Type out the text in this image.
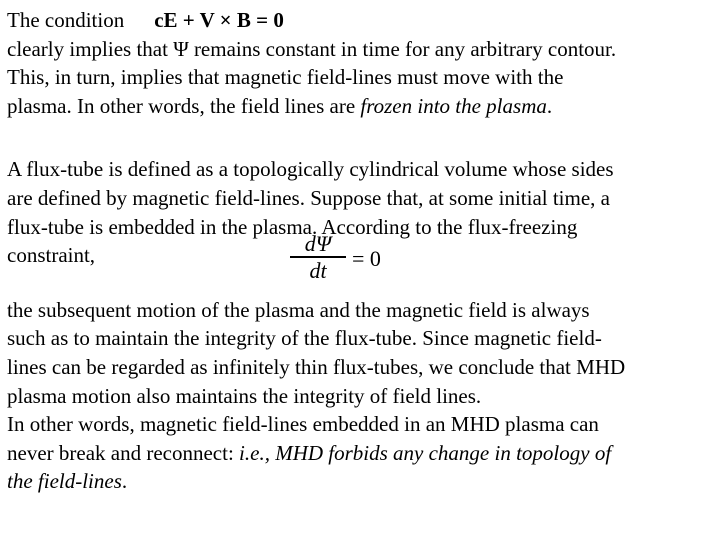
The condition cE + V × B = 0
clearly implies that Ψ remains constant in time for any arbitrary contour.
This, in turn, implies that magnetic field-lines must move with the
plasma. In other words, the field lines are frozen into the plasma.
A flux-tube is defined as a topologically cylindrical volume whose sides
are defined by magnetic field-lines. Suppose that, at some initial time, a
flux-tube is embedded in the plasma. According to the flux-freezing
constraint,	$\frac{d\Psi}{dt} = 0$
the subsequent motion of the plasma and the magnetic field is always
such as to maintain the integrity of the flux-tube. Since magnetic field-
lines can be regarded as infinitely thin flux-tubes, we conclude that MHD
plasma motion also maintains the integrity of field lines.
In other words, magnetic field-lines embedded in an MHD plasma can
never break and reconnect: i.e., MHD forbids any change in topology of
the field-lines.
